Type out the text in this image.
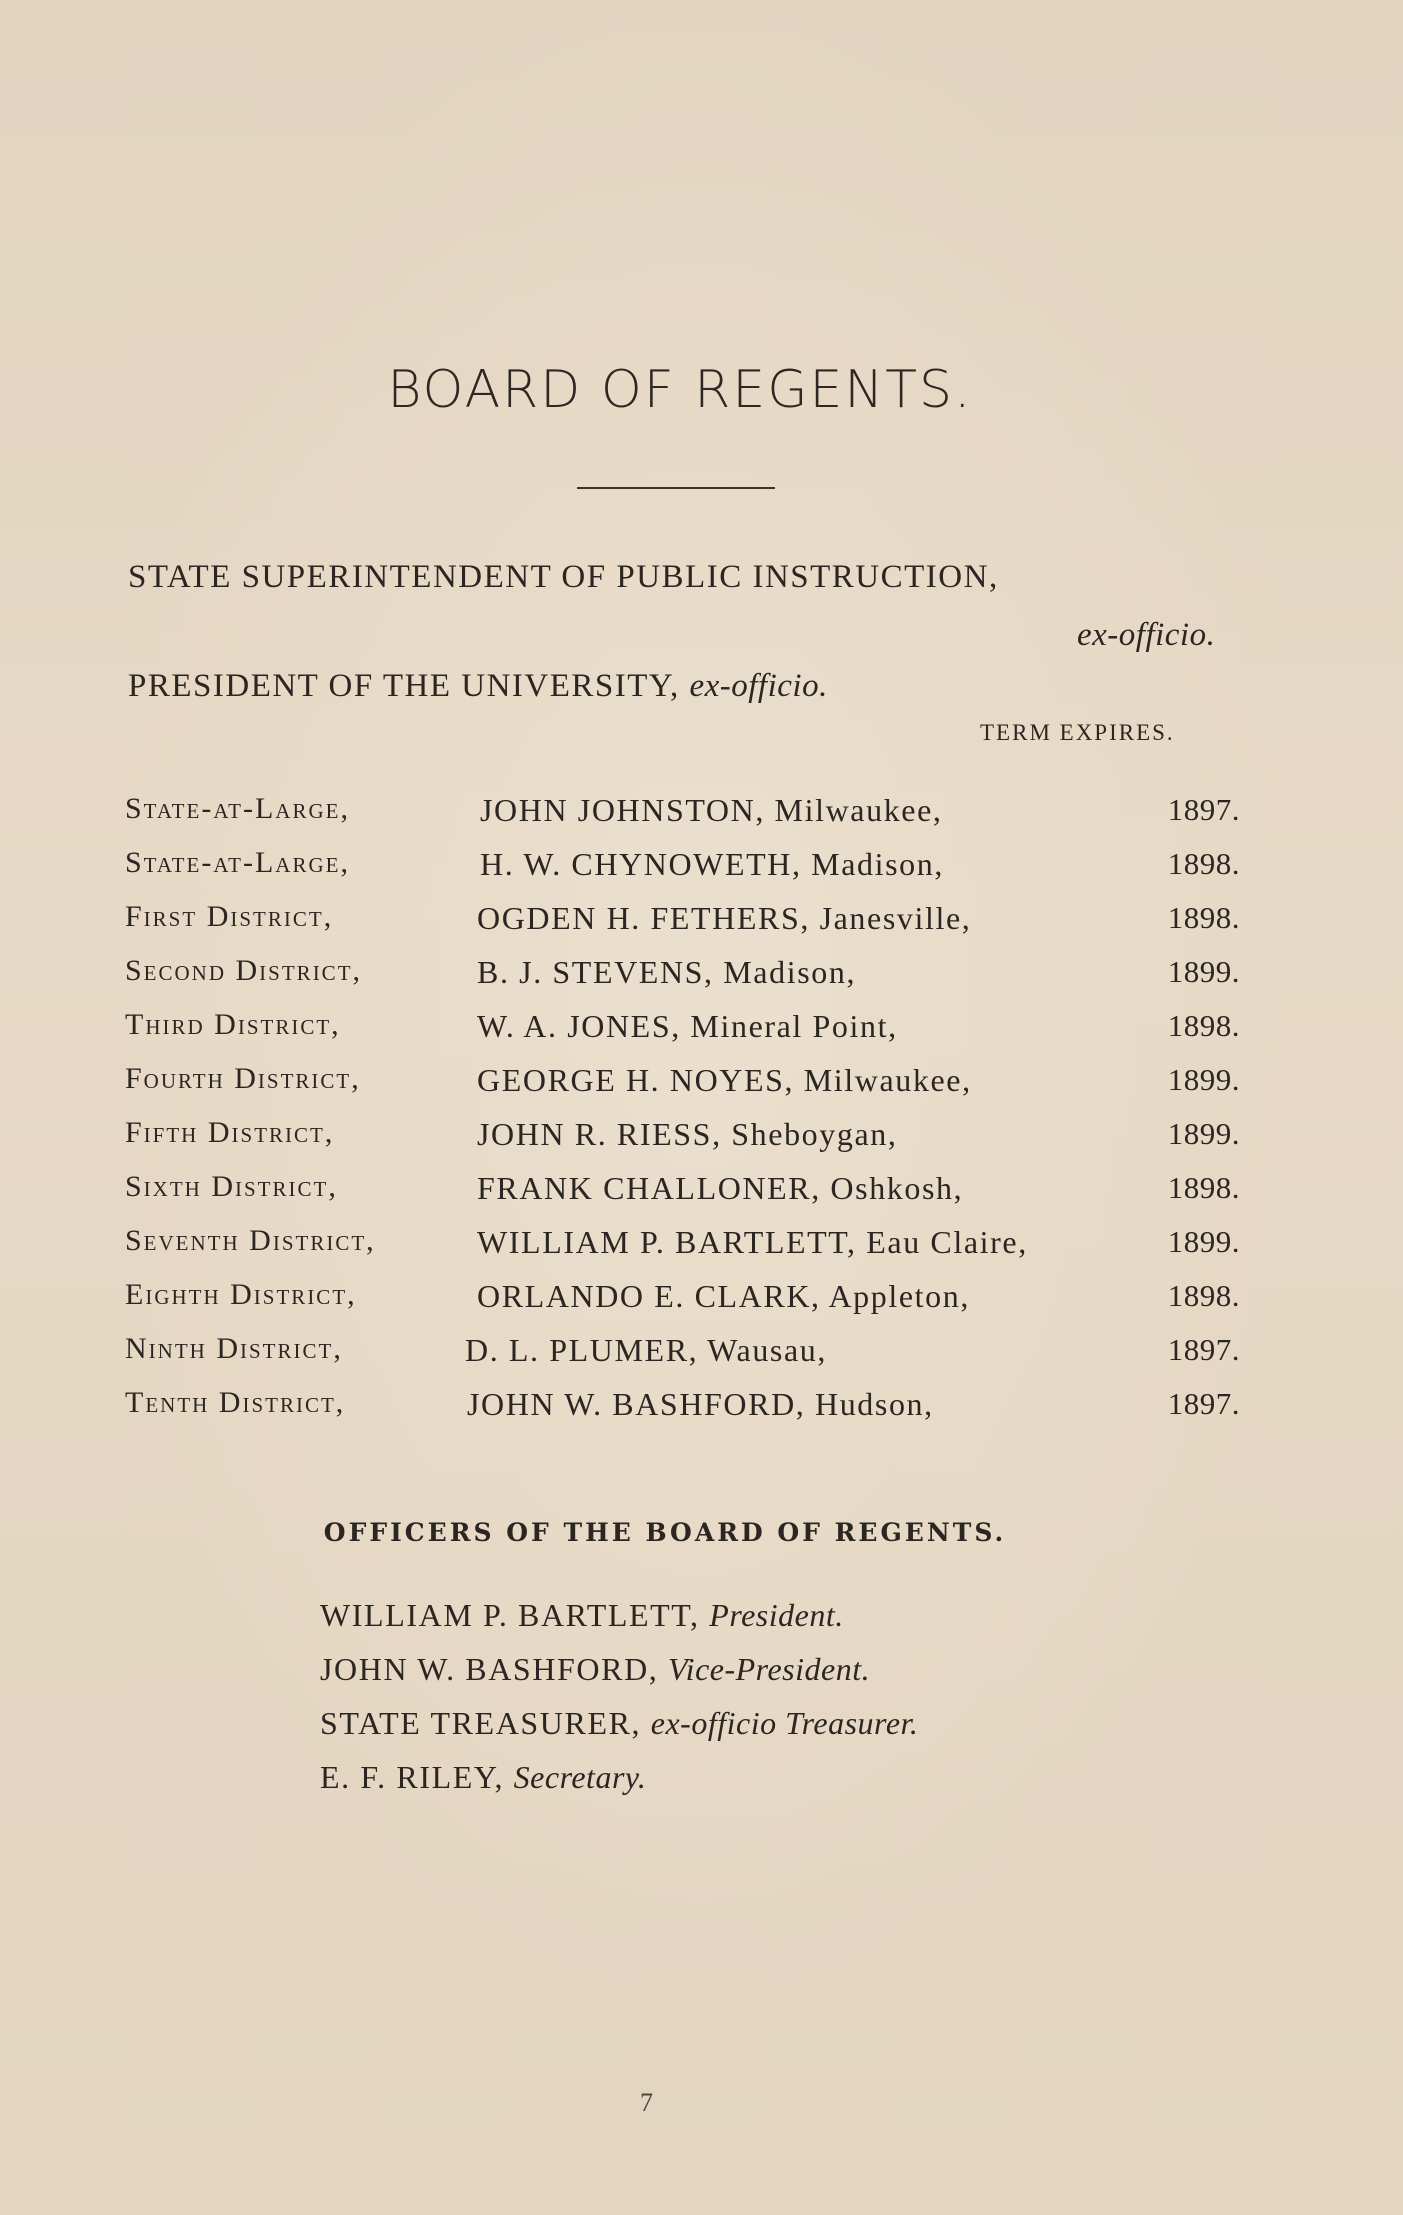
BOARD OF REGENTS.
STATE SUPERINTENDENT OF PUBLIC INSTRUCTION,
ex-officio.
PRESIDENT OF THE UNIVERSITY, ex-officio.
TERM EXPIRES.
State-at-Large,	JOHN JOHNSTON, Milwaukee,	1897.
State-at-Large,	H. W. CHYNOWETH, Madison,	1898.
First District,	OGDEN H. FETHERS, Janesville,	1898.
Second District,	B. J. STEVENS, Madison,	1899.
Third District,	W. A. JONES, Mineral Point,	1898.
Fourth District,	GEORGE H. NOYES, Milwaukee,	1899.
Fifth District,	JOHN R. RIESS, Sheboygan,	1899.
Sixth District,	FRANK CHALLONER, Oshkosh,	1898.
Seventh District,	WILLIAM P. BARTLETT, Eau Claire,	1899.
Eighth District,	ORLANDO E. CLARK, Appleton,	1898.
Ninth District,	D. L. PLUMER, Wausau,	1897.
Tenth District,	JOHN W. BASHFORD, Hudson,	1897.
OFFICERS OF THE BOARD OF REGENTS.
WILLIAM P. BARTLETT, President.
JOHN W. BASHFORD, Vice-President.
STATE TREASURER, ex-officio Treasurer.
E. F. RILEY, Secretary.
7
